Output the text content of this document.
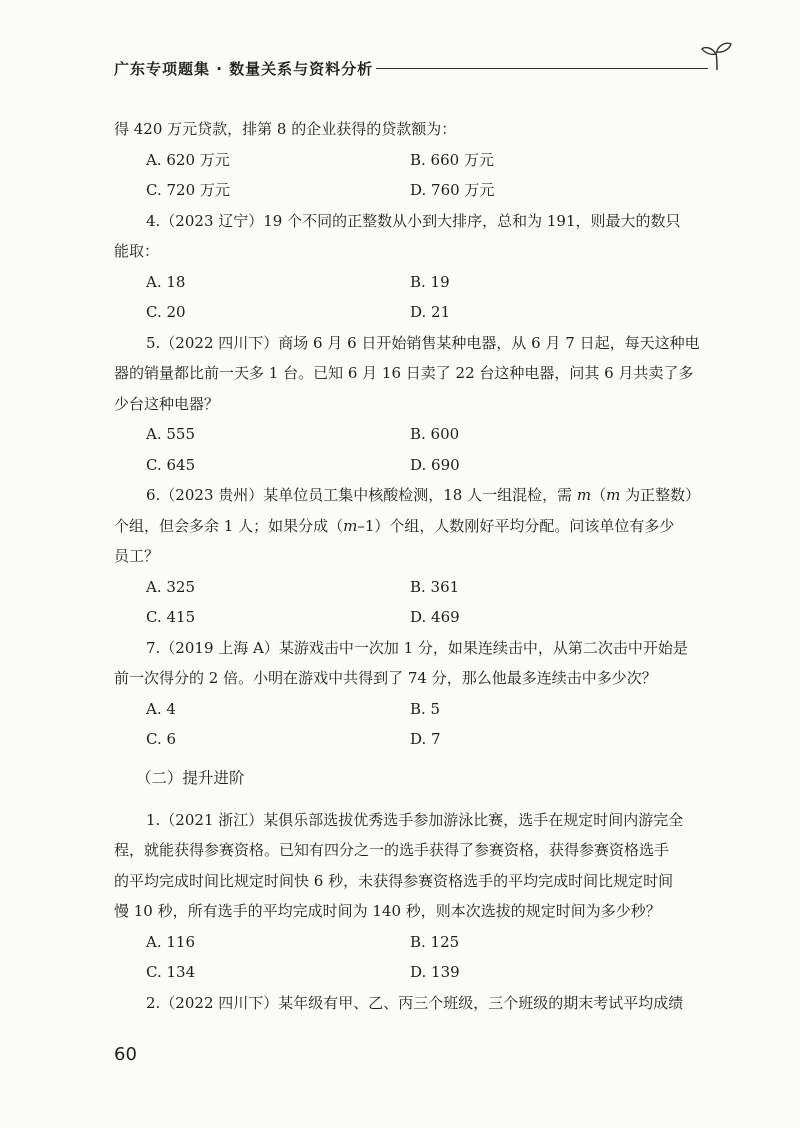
广东专项题集 · 数量关系与资料分析
得 420 万元贷款，排第 8 的企业获得的贷款额为：
A. 620 万元	B. 660 万元
C. 720 万元	D. 760 万元
4.（2023 辽宁）19 个不同的正整数从小到大排序，总和为 191，则最大的数只
能取：
A. 18	B. 19
C. 20	D. 21
5.（2022 四川下）商场 6 月 6 日开始销售某种电器，从 6 月 7 日起，每天这种电
器的销量都比前一天多 1 台。已知 6 月 16 日卖了 22 台这种电器，问其 6 月共卖了多
少台这种电器？
A. 555	B. 600
C. 645	D. 690
6.（2023 贵州）某单位员工集中核酸检测，18 人一组混检，需 m（m 为正整数）
个组，但会多余 1 人；如果分成（m–1）个组，人数刚好平均分配。问该单位有多少
员工？
A. 325	B. 361
C. 415	D. 469
7.（2019 上海 A）某游戏击中一次加 1 分，如果连续击中，从第二次击中开始是
前一次得分的 2 倍。小明在游戏中共得到了 74 分，那么他最多连续击中多少次？
A. 4	B. 5
C. 6	D. 7
（二）提升进阶
1.（2021 浙江）某俱乐部选拔优秀选手参加游泳比赛，选手在规定时间内游完全
程，就能获得参赛资格。已知有四分之一的选手获得了参赛资格，获得参赛资格选手
的平均完成时间比规定时间快 6 秒，未获得参赛资格选手的平均完成时间比规定时间
慢 10 秒，所有选手的平均完成时间为 140 秒，则本次选拔的规定时间为多少秒？
A. 116	B. 125
C. 134	D. 139
2.（2022 四川下）某年级有甲、乙、丙三个班级，三个班级的期末考试平均成绩
60
